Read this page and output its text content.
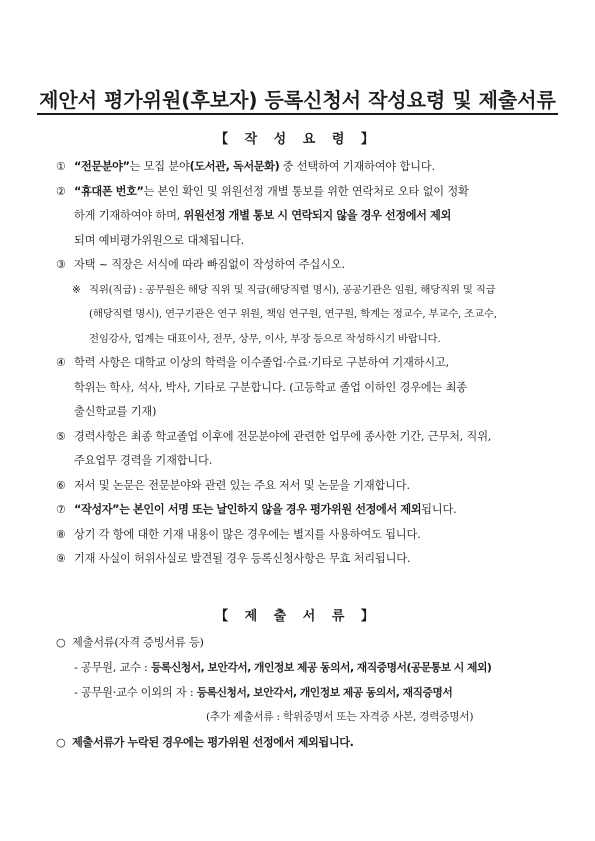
제안서 평가위원(후보자) 등록신청서 작성요령 및 제출서류
【 작 성 요 령 】
① “전문분야”는 모집 분야(도서관, 독서문화) 중 선택하여 기재하여야 합니다.
② “휴대폰 번호”는 본인 확인 및 위원선정 개별 통보를 위한 연락처로 오타 없이 정확
하게 기재하여야 하며, 위원선정 개별 통보 시 연락되지 않을 경우 선정에서 제외
되며 예비평가위원으로 대체됩니다.
③ 자택 ~ 직장은 서식에 따라 빠짐없이 작성하여 주십시오.
※ 직위(직급) : 공무원은 해당 직위 및 직급(해당직렬 명시), 공공기관은 임원, 해당직위 및 직급
(해당직렬 명시), 연구기관은 연구 위원, 책임 연구원, 연구원, 학계는 정교수, 부교수, 조교수,
전임강사, 업계는 대표이사, 전무, 상무, 이사, 부장 등으로 작성하시기 바랍니다.
④ 학력 사항은 대학교 이상의 학력을 이수졸업·수료·기타로 구분하여 기재하시고,
학위는 학사, 석사, 박사, 기타로 구분합니다. (고등학교 졸업 이하인 경우에는 최종
출신학교를 기재)
⑤ 경력사항은 최종 학교졸업 이후에 전문분야에 관련한 업무에 종사한 기간, 근무처, 직위,
주요업무 경력을 기재합니다.
⑥ 저서 및 논문은 전문분야와 관련 있는 주요 저서 및 논문을 기재합니다.
⑦ “작성자”는 본인이 서명 또는 날인하지 않을 경우 평가위원 선정에서 제외됩니다.
⑧ 상기 각 항에 대한 기재 내용이 많은 경우에는 별지를 사용하여도 됩니다.
⑨ 기재 사실이 허위사실로 발견될 경우 등록신청사항은 무효 처리됩니다.
【 제 출 서 류 】
○ 제출서류(자격 증빙서류 등)
- 공무원, 교수 : 등록신청서, 보안각서, 개인정보 제공 동의서, 재직증명서(공문통보 시 제외)
- 공무원·교수 이외의 자 : 등록신청서, 보안각서, 개인정보 제공 동의서, 재직증명서
(추가 제출서류 : 학위증명서 또는 자격증 사본, 경력증명서)
○ 제출서류가 누락된 경우에는 평가위원 선정에서 제외됩니다.
